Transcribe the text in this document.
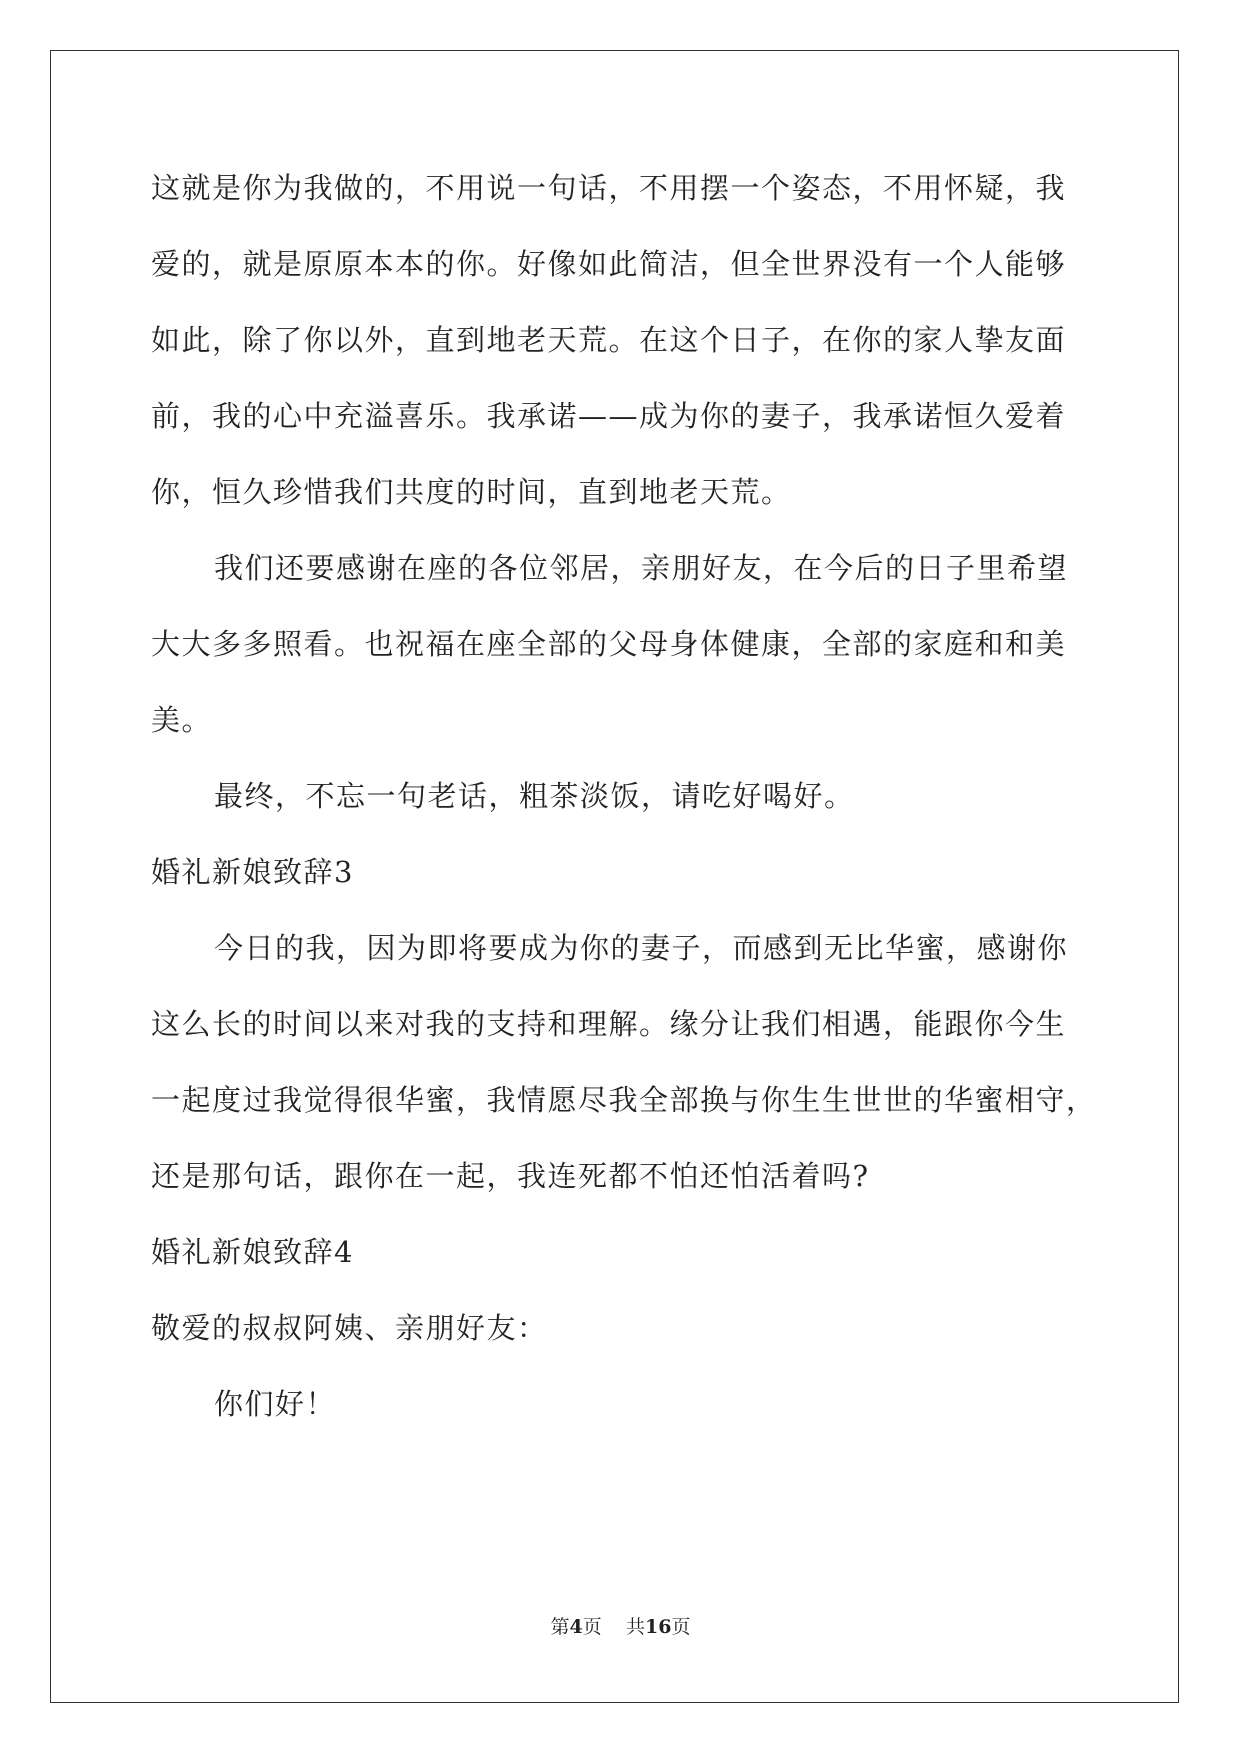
这就是你为我做的，不用说一句话，不用摆一个姿态，不用怀疑，我
爱的，就是原原本本的你。好像如此简洁，但全世界没有一个人能够
如此，除了你以外，直到地老天荒。在这个日子，在你的家人挚友面
前，我的心中充溢喜乐。我承诺——成为你的妻子，我承诺恒久爱着
你，恒久珍惜我们共度的时间，直到地老天荒。
我们还要感谢在座的各位邻居，亲朋好友，在今后的日子里希望
大大多多照看。也祝福在座全部的父母身体健康，全部的家庭和和美
美。
最终，不忘一句老话，粗茶淡饭，请吃好喝好。
婚礼新娘致辞3
今日的我，因为即将要成为你的妻子，而感到无比华蜜，感谢你
这么长的时间以来对我的支持和理解。缘分让我们相遇，能跟你今生
一起度过我觉得很华蜜，我情愿尽我全部换与你生生世世的华蜜相守，
还是那句话，跟你在一起，我连死都不怕还怕活着吗?
婚礼新娘致辞4
敬爱的叔叔阿姨、亲朋好友：
你们好！
第4页 共16页
